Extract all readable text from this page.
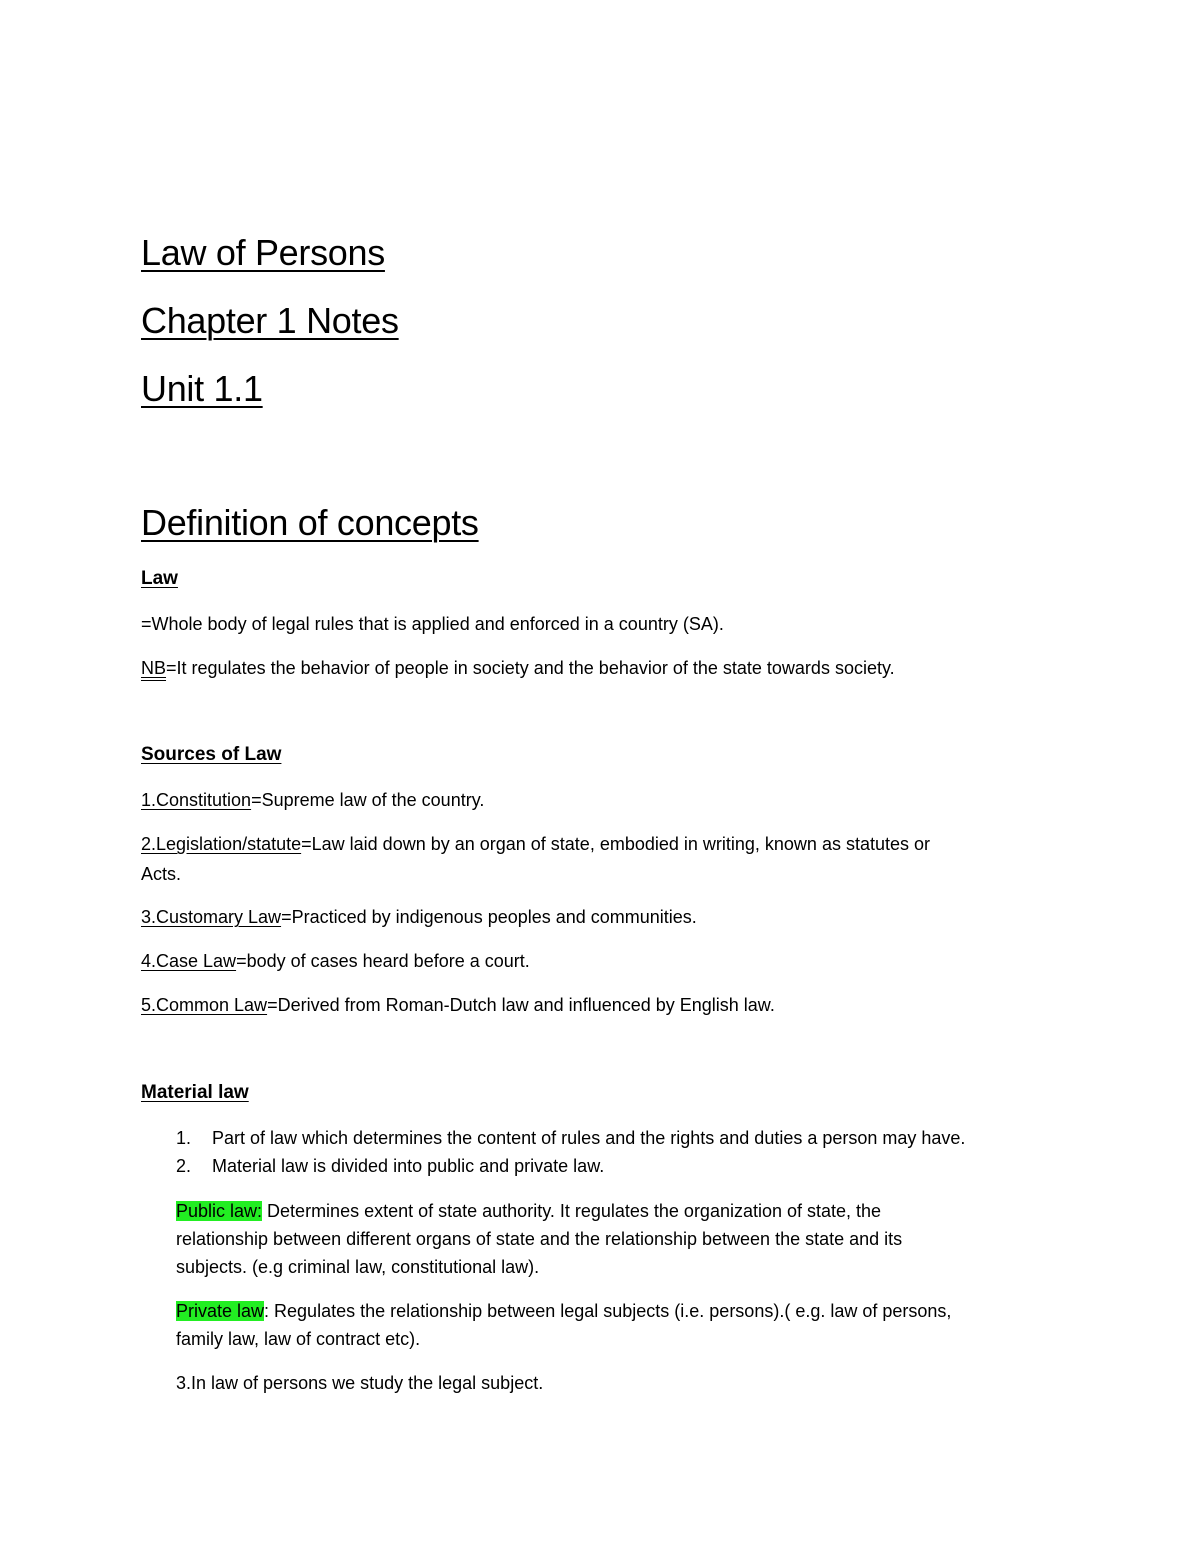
Law of Persons
Chapter 1 Notes
Unit 1.1
Definition of concepts
Law
=Whole body of legal rules that is applied and enforced in a country (SA).
NB=It regulates the behavior of people in society and the behavior of the state towards society.
Sources of Law
1.Constitution=Supreme law of the country.
2.Legislation/statute=Law laid down by an organ of state, embodied in writing, known as statutes or
Acts.
3.Customary Law=Practiced by indigenous peoples and communities.
4.Case Law=body of cases heard before a court.
5.Common Law=Derived from Roman-Dutch law and influenced by English law.
Material law
1. Part of law which determines the content of rules and the rights and duties a person may have.
2. Material law is divided into public and private law.
Public law: Determines extent of state authority. It regulates the organization of state, the
relationship between different organs of state and the relationship between the state and its
subjects. (e.g criminal law, constitutional law).
Private law: Regulates the relationship between legal subjects (i.e. persons).( e.g. law of persons,
family law, law of contract etc).
3.In law of persons we study the legal subject.
